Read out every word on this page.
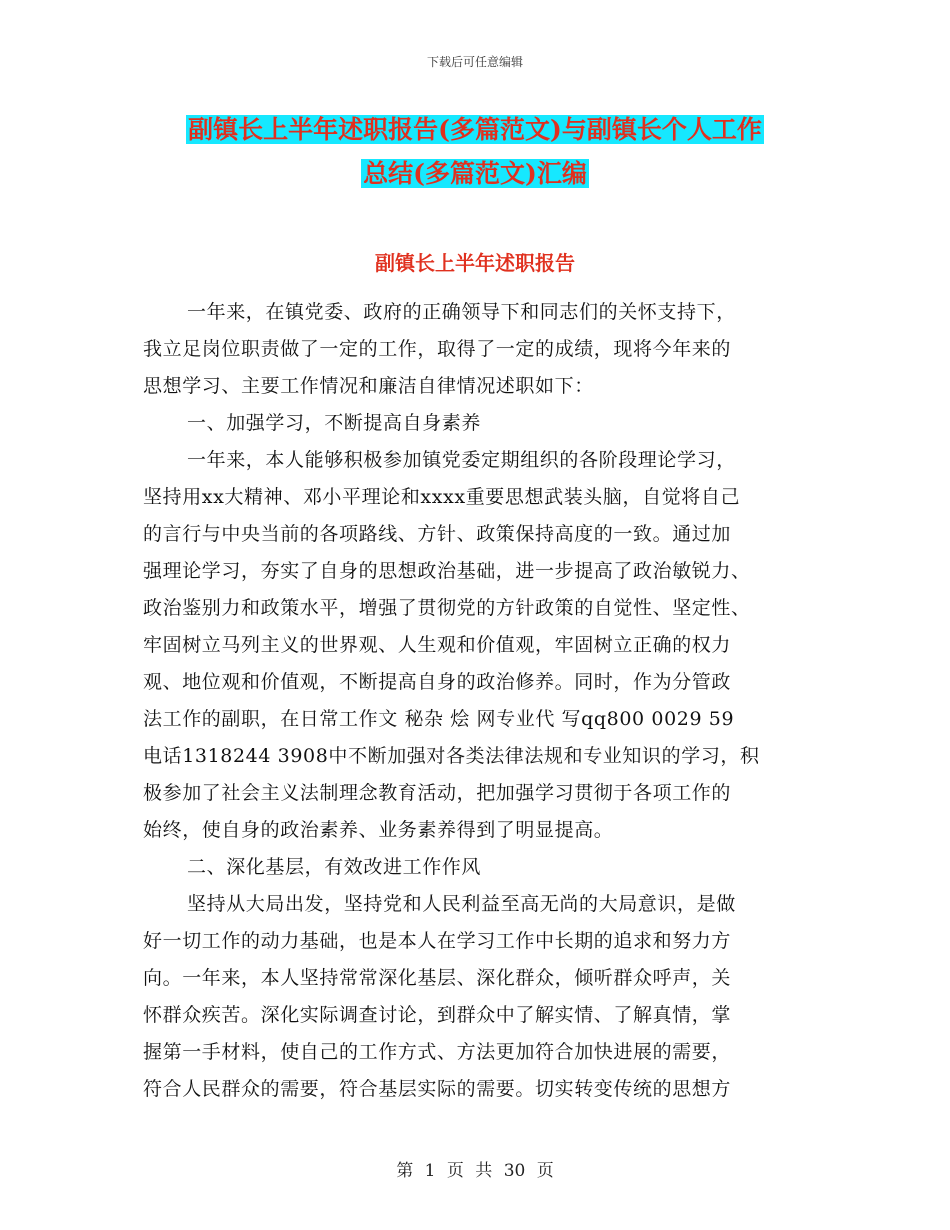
下载后可任意编辑
副镇长上半年述职报告(多篇范文)与副镇长个人工作
总结(多篇范文)汇编
副镇长上半年述职报告
一年来，在镇党委、政府的正确领导下和同志们的关怀支持下，
我立足岗位职责做了一定的工作，取得了一定的成绩，现将今年来的
思想学习、主要工作情况和廉洁自律情况述职如下：
一、加强学习，不断提高自身素养
一年来，本人能够积极参加镇党委定期组织的各阶段理论学习，
坚持用xx大精神、邓小平理论和xxxx重要思想武装头脑，自觉将自己
的言行与中央当前的各项路线、方针、政策保持高度的一致。通过加
强理论学习，夯实了自身的思想政治基础，进一步提高了政治敏锐力、
政治鉴别力和政策水平，增强了贯彻党的方针政策的自觉性、坚定性、
牢固树立马列主义的世界观、人生观和价值观，牢固树立正确的权力
观、地位观和价值观，不断提高自身的政治修养。同时，作为分管政
法工作的副职，在日常工作文 秘杂 烩 网专业代 写qq800 0029 59
电话1318244 3908中不断加强对各类法律法规和专业知识的学习，积
极参加了社会主义法制理念教育活动，把加强学习贯彻于各项工作的
始终，使自身的政治素养、业务素养得到了明显提高。
二、深化基层，有效改进工作作风
坚持从大局出发，坚持党和人民利益至高无尚的大局意识，是做
好一切工作的动力基础，也是本人在学习工作中长期的追求和努力方
向。一年来，本人坚持常常深化基层、深化群众，倾听群众呼声，关
怀群众疾苦。深化实际调查讨论，到群众中了解实情、了解真情，掌
握第一手材料，使自己的工作方式、方法更加符合加快进展的需要，
符合人民群众的需要，符合基层实际的需要。切实转变传统的思想方
第 1 页 共 30 页
